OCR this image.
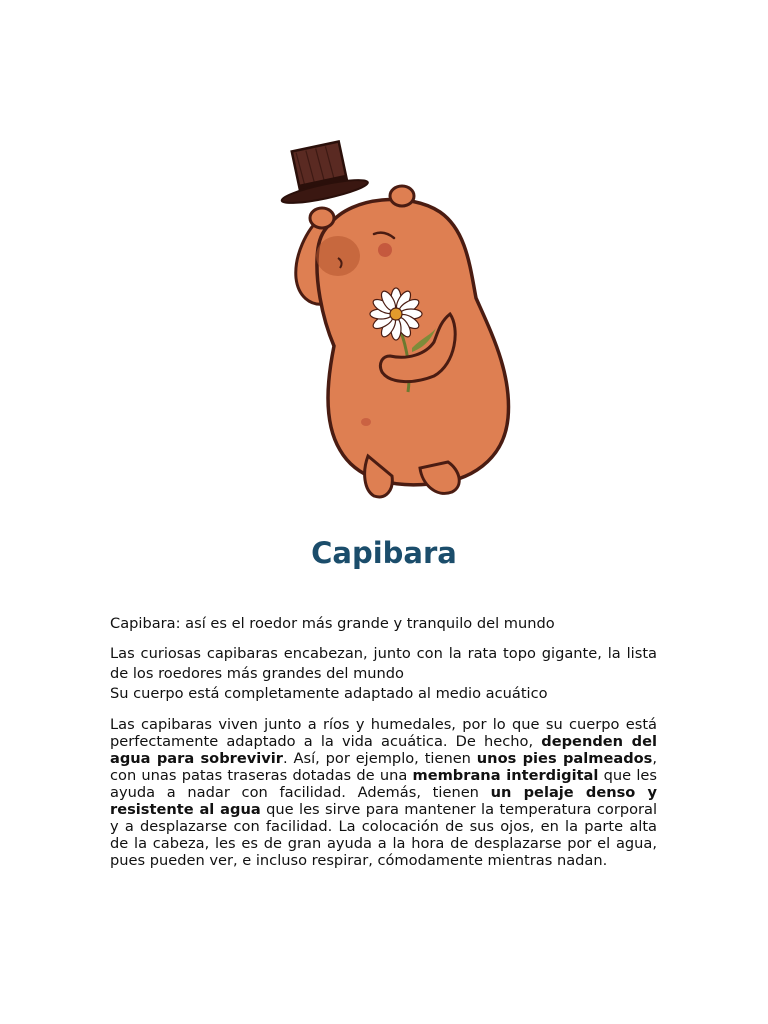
Capibara

Capibara: así es el roedor más grande y tranquilo del mundo

Las curiosas capibaras encabezan, junto con la rata topo gigante, la lista de los roedores más grandes del mundo

Su cuerpo está completamente adaptado al medio acuático

Las capibaras viven junto a ríos y humedales, por lo que su cuerpo está perfectamente adaptado a la vida acuática. De hecho, dependen del agua para sobrevivir. Así, por ejemplo, tienen unos pies palmeados, con unas patas traseras dotadas de una membrana interdigital que les ayuda a nadar con facilidad. Además, tienen un pelaje denso y resistente al agua que les sirve para mantener la temperatura corporal y a desplazarse con facilidad. La colocación de sus ojos, en la parte alta de la cabeza, les es de gran ayuda a la hora de desplazarse por el agua, pues pueden ver, e incluso respirar, cómodamente mientras nadan.
